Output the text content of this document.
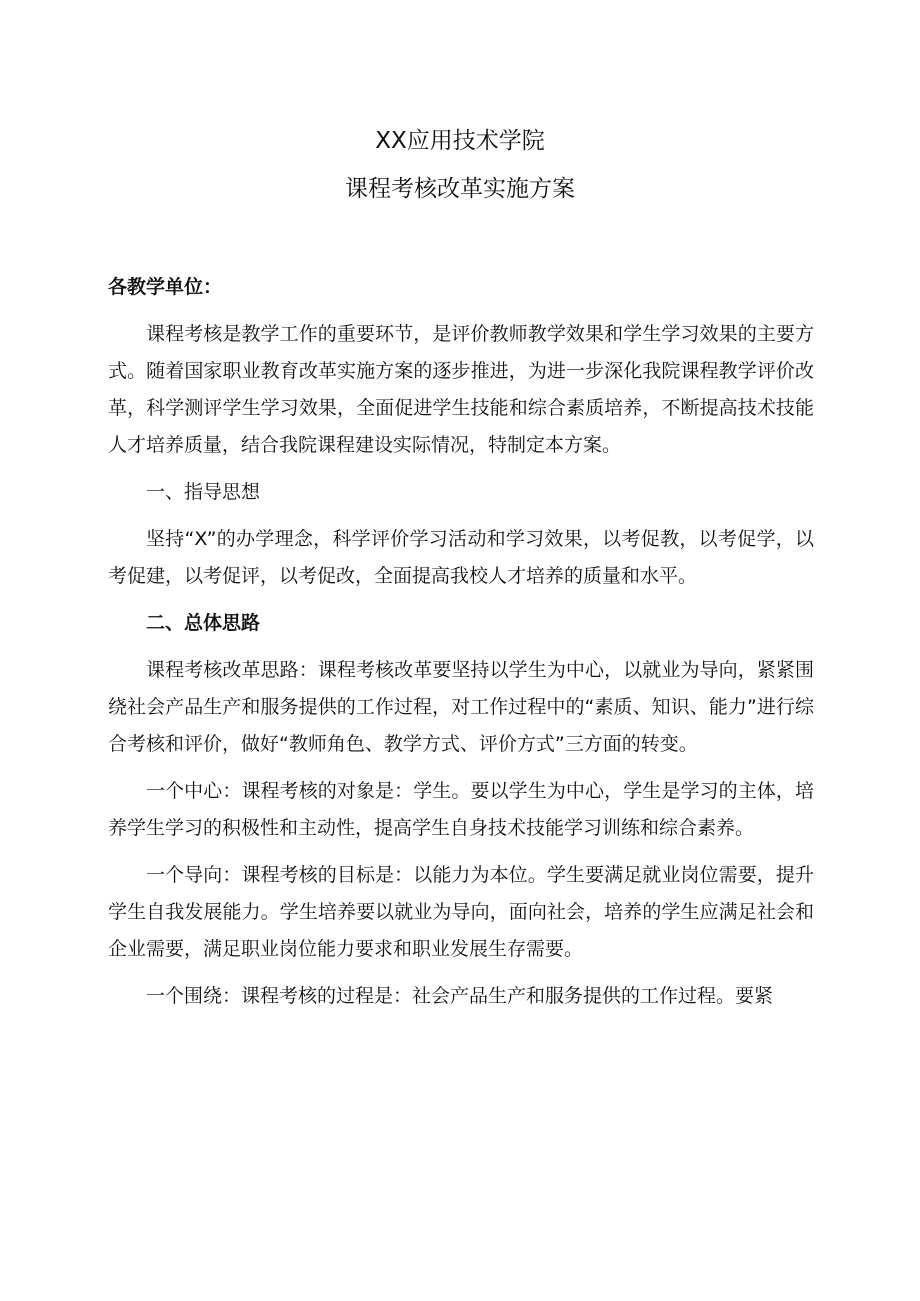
XX应用技术学院
课程考核改革实施方案

各教学单位：

课程考核是教学工作的重要环节，是评价教师教学效果和学生学习效果的主要方式。随着国家职业教育改革实施方案的逐步推进，为进一步深化我院课程教学评价改革，科学测评学生学习效果，全面促进学生技能和综合素质培养，不断提高技术技能人才培养质量，结合我院课程建设实际情况，特制定本方案。

一、指导思想

坚持“X”的办学理念，科学评价学习活动和学习效果，以考促教，以考促学，以考促建，以考促评，以考促改，全面提高我校人才培养的质量和水平。

二、总体思路

课程考核改革思路：课程考核改革要坚持以学生为中心，以就业为导向，紧紧围绕社会产品生产和服务提供的工作过程，对工作过程中的“素质、知识、能力”进行综合考核和评价，做好“教师角色、教学方式、评价方式”三方面的转变。

一个中心：课程考核的对象是：学生。要以学生为中心，学生是学习的主体，培养学生学习的积极性和主动性，提高学生自身技术技能学习训练和综合素养。

一个导向：课程考核的目标是：以能力为本位。学生要满足就业岗位需要，提升学生自我发展能力。学生培养要以就业为导向，面向社会，培养的学生应满足社会和企业需要，满足职业岗位能力要求和职业发展生存需要。

一个围绕：课程考核的过程是：社会产品生产和服务提供的工作过程。要紧
